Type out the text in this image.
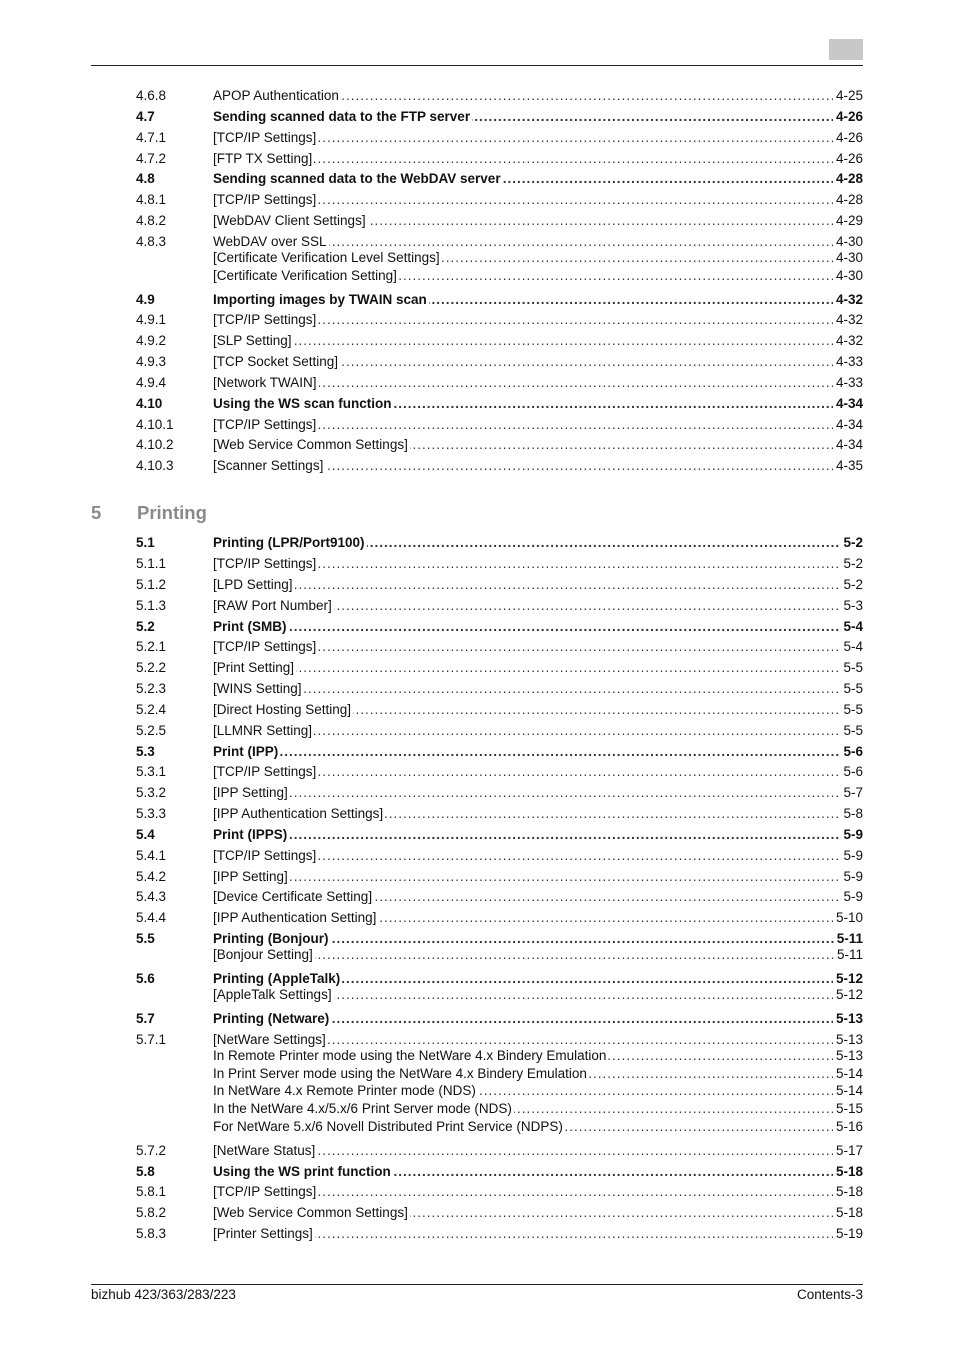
4.6.8	APOP Authentication .....	4-25
4.7	Sending scanned data to the FTP server .....	4-26
4.7.1	[TCP/IP Settings] .....	4-26
4.7.2	[FTP TX Setting] .....	4-26
4.8	Sending scanned data to the WebDAV server .....	4-28
4.8.1	[TCP/IP Settings] .....	4-28
4.8.2	[WebDAV Client Settings] .....	4-29
4.8.3	WebDAV over SSL .....	4-30
[Certificate Verification Level Settings] .....	4-30
[Certificate Verification Setting] .....	4-30
4.9	Importing images by TWAIN scan .....	4-32
4.9.1	[TCP/IP Settings] .....	4-32
4.9.2	[SLP Setting] .....	4-32
4.9.3	[TCP Socket Setting] .....	4-33
4.9.4	[Network TWAIN] .....	4-33
4.10	Using the WS scan function .....	4-34
4.10.1	[TCP/IP Settings] .....	4-34
4.10.2	[Web Service Common Settings] .....	4-34
4.10.3	[Scanner Settings] .....	4-35
5 Printing
5.1	Printing (LPR/Port9100) .....	5-2
5.1.1	[TCP/IP Settings] .....	5-2
5.1.2	[LPD Setting] .....	5-2
5.1.3	[RAW Port Number] .....	5-3
5.2	Print (SMB) .....	5-4
5.2.1	[TCP/IP Settings] .....	5-4
5.2.2	[Print Setting] .....	5-5
5.2.3	[WINS Setting] .....	5-5
5.2.4	[Direct Hosting Setting] .....	5-5
5.2.5	[LLMNR Setting] .....	5-5
5.3	Print (IPP) .....	5-6
5.3.1	[TCP/IP Settings] .....	5-6
5.3.2	[IPP Setting] .....	5-7
5.3.3	[IPP Authentication Settings] .....	5-8
5.4	Print (IPPS) .....	5-9
5.4.1	[TCP/IP Settings] .....	5-9
5.4.2	[IPP Setting] .....	5-9
5.4.3	[Device Certificate Setting] .....	5-9
5.4.4	[IPP Authentication Setting] .....	5-10
5.5	Printing (Bonjour) .....	5-11
[Bonjour Setting] .....	5-11
5.6	Printing (AppleTalk) .....	5-12
[AppleTalk Settings] .....	5-12
5.7	Printing (Netware) .....	5-13
5.7.1	[NetWare Settings] .....	5-13
In Remote Printer mode using the NetWare 4.x Bindery Emulation .....	5-13
In Print Server mode using the NetWare 4.x Bindery Emulation .....	5-14
In NetWare 4.x Remote Printer mode (NDS) .....	5-14
In the NetWare 4.x/5.x/6 Print Server mode (NDS) .....	5-15
For NetWare 5.x/6 Novell Distributed Print Service (NDPS) .....	5-16
5.7.2	[NetWare Status] .....	5-17
5.8	Using the WS print function .....	5-18
5.8.1	[TCP/IP Settings] .....	5-18
5.8.2	[Web Service Common Settings] .....	5-18
5.8.3	[Printer Settings] .....	5-19
bizhub 423/363/283/223	Contents-3
